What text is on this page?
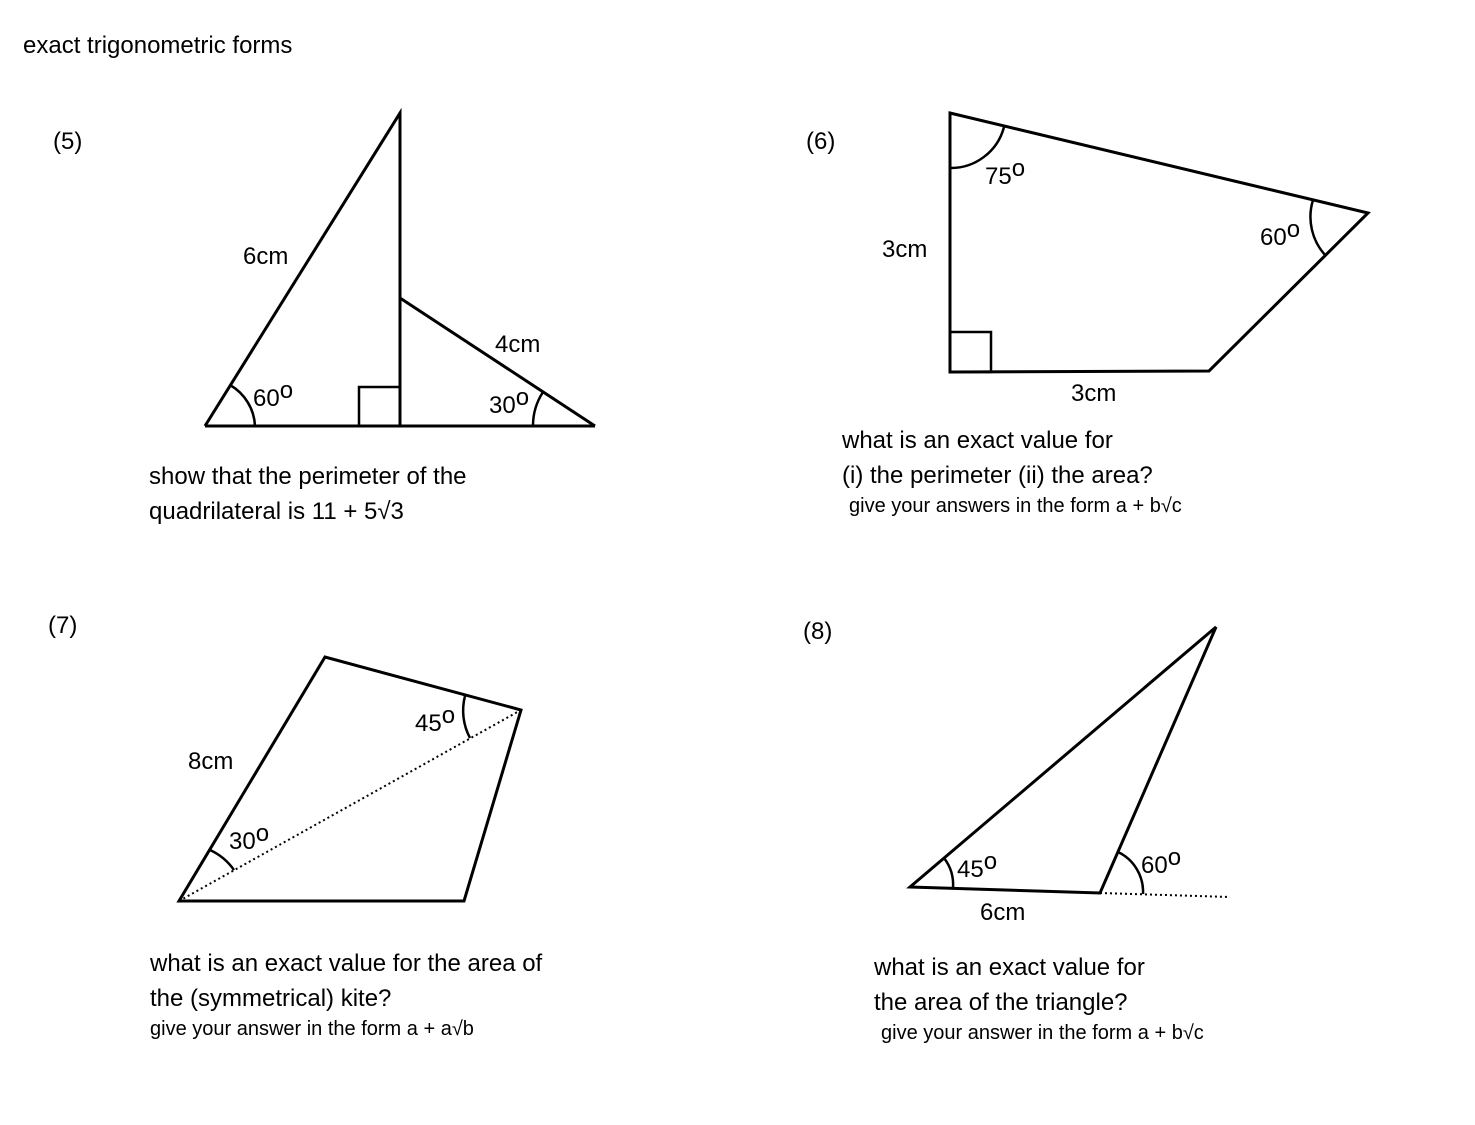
exact trigonometric forms
(5)	(6)
(7)	(8)
6cm
4cm
60o
30o
3cm
3cm
75o
60o
8cm
30o
45o
6cm
45o	60o
show that the perimeter of the
quadrilateral is 11 + 5√3
what is an exact value for
(i) the perimeter (ii) the area?
give your answers in the form a + b√c
what is an exact value for the area of
the (symmetrical) kite?
give your answer in the form a + a√b
what is an exact value for
the area of the triangle?
give your answer in the form a + b√c
